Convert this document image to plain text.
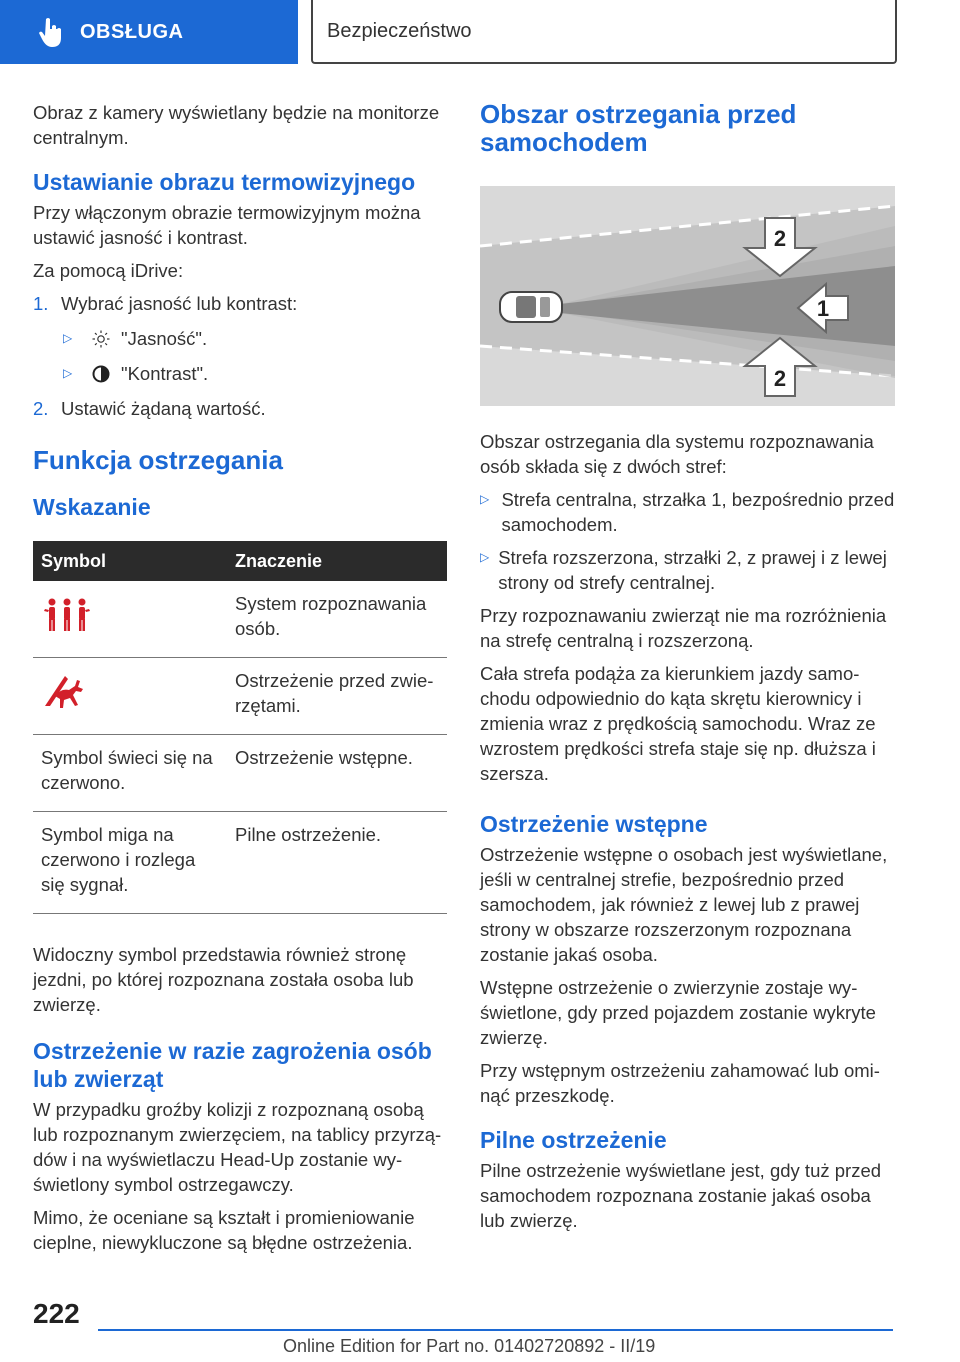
OBSŁUGA	Bezpieczeństwo

Obraz z kamery wyświetlany będzie na monitorze centralnym.

Ustawianie obrazu termowizyjnego

Przy włączonym obrazie termowizyjnym można ustawić jasność i kontrast.

Za pomocą iDrive:

1. Wybrać jasność lub kontrast:
▷	"Jasność".
▷	"Kontrast".
2. Ustawić żądaną wartość.
Funkcja ostrzegania
Wskazanie
Symbol	Znaczenie
	System rozpoznawania osób.
	Ostrzeżenie przed zwierzętami.
Symbol świeci się na czerwono.	Ostrzeżenie wstępne.
Symbol miga na czerwono i rozlega się sygnał.	Pilne ostrzeżenie.

Widoczny symbol przedstawia również stronę jezdni, po której rozpoznana została osoba lub zwierzę.

Ostrzeżenie w razie zagrożenia osób lub zwierząt

W przypadku groźby kolizji z rozpoznaną osobą lub rozpoznanym zwierzęciem, na tablicy przyrządów i na wyświetlaczu Head-Up zostanie wyświetlony symbol ostrzegawczy.

Mimo, że oceniane są kształt i promieniowanie cieplne, niewykluczone są błędne ostrzeżenia.

Obszar ostrzegania przed samochodem
2
1
2

Obszar ostrzegania dla systemu rozpoznawania osób składa się z dwóch stref:

▷ Strefa centralna, strzałka 1, bezpośrednio przed samochodem.
▷ Strefa rozszerzona, strzałki 2, z prawej i z lewej strony od strefy centralnej.

Przy rozpoznawaniu zwierząt nie ma rozróżnienia na strefę centralną i rozszerzoną.

Cała strefa podąża za kierunkiem jazdy samochodu odpowiednio do kąta skrętu kierownicy i zmienia wraz z prędkością samochodu. Wraz ze wzrostem prędkości strefa staje się np. dłuższa i szersza.

Ostrzeżenie wstępne

Ostrzeżenie wstępne o osobach jest wyświetlane, jeśli w centralnej strefie, bezpośrednio przed samochodem, jak również z lewej lub z prawej strony w obszarze rozszerzonym rozpoznana zostanie jakaś osoba.

Wstępne ostrzeżenie o zwierzynie zostaje wyświetlone, gdy przed pojazdem zostanie wykryte zwierzę.

Przy wstępnym ostrzeżeniu zahamować lub ominąć przeszkodę.

Pilne ostrzeżenie

Pilne ostrzeżenie wyświetlane jest, gdy tuż przed samochodem rozpoznana zostanie jakaś osoba lub zwierzę.

222
Online Edition for Part no. 01402720892 - II/19
